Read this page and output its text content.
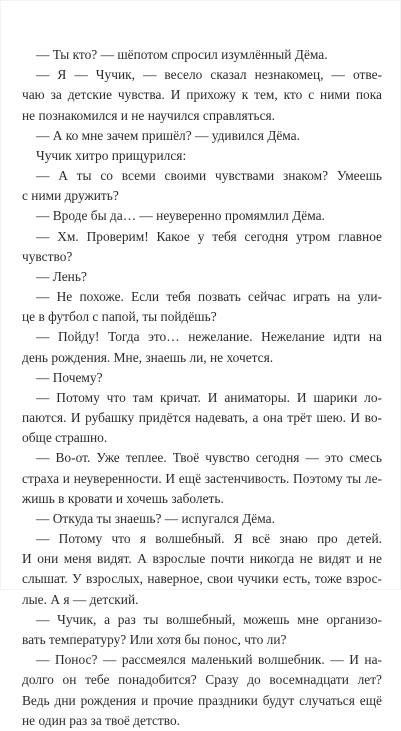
— Ты кто? — шёпотом спросил изумлённый Дёма.
— Я — Чучик, — весело сказал незнакомец, — отве-
чаю за детские чувства. И прихожу к тем, кто с ними пока
не познакомился и не научился справляться.
— А ко мне зачем пришёл? — удивился Дёма.
Чучик хитро прищурился:
— А ты со всеми своими чувствами знаком? Умеешь
с ними дружить?
— Вроде бы да… — неуверенно промямлил Дёма.
— Хм. Проверим! Какое у тебя сегодня утром главное
чувство?
— Лень?
— Не похоже. Если тебя позвать сейчас играть на ули-
це в футбол с папой, ты пойдёшь?
— Пойду! Тогда это… нежелание. Нежелание идти на
день рождения. Мне, знаешь ли, не хочется.
— Почему?
— Потому что там кричат. И аниматоры. И шарики ло-
паются. И рубашку придётся надевать, а она трёт шею. И во-
обще страшно.
— Во-от. Уже теплее. Твоё чувство сегодня — это смесь
страха и неуверенности. И ещё застенчивость. Поэтому ты ле-
жишь в кровати и хочешь заболеть.
— Откуда ты знаешь? — испугался Дёма.
— Потому что я волшебный. Я всё знаю про детей.
И они меня видят. А взрослые почти никогда не видят и не
слышат. У взрослых, наверное, свои чучики есть, тоже взрос-
лые. А я — детский.
— Чучик, а раз ты волшебный, можешь мне организо-
вать температуру? Или хотя бы понос, что ли?
— Понос? — рассмеялся маленький волшебник. — И на-
долго он тебе понадобится? Сразу до восемнадцати лет?
Ведь дни рождения и прочие праздники будут случаться ещё
не один раз за твоё детство.
